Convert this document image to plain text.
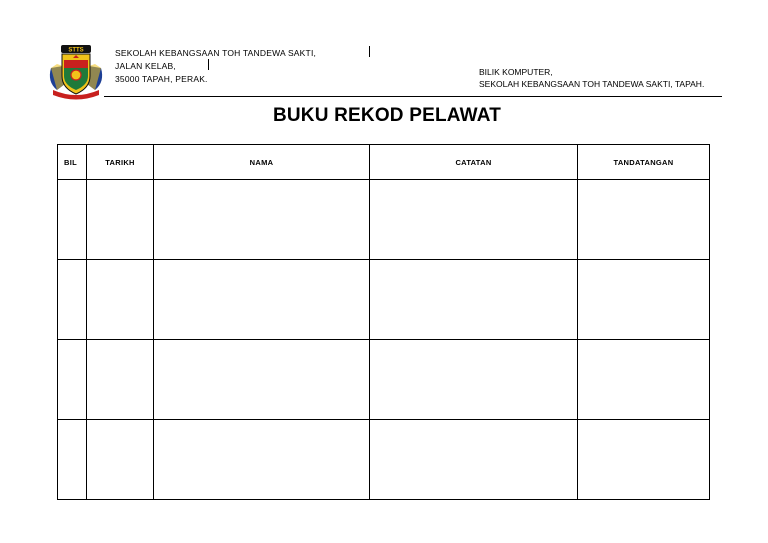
STTS	SEKOLAH KEBANGSAAN TOH TANDEWA SAKTI,
JALAN KELAB,
35000 TAPAH, PERAK.
BILIK KOMPUTER,
SEKOLAH KEBANGSAAN TOH TANDEWA SAKTI, TAPAH.
BUKU REKOD PELAWAT
BIL	TARIKH	NAMA	CATATAN	TANDATANGAN
